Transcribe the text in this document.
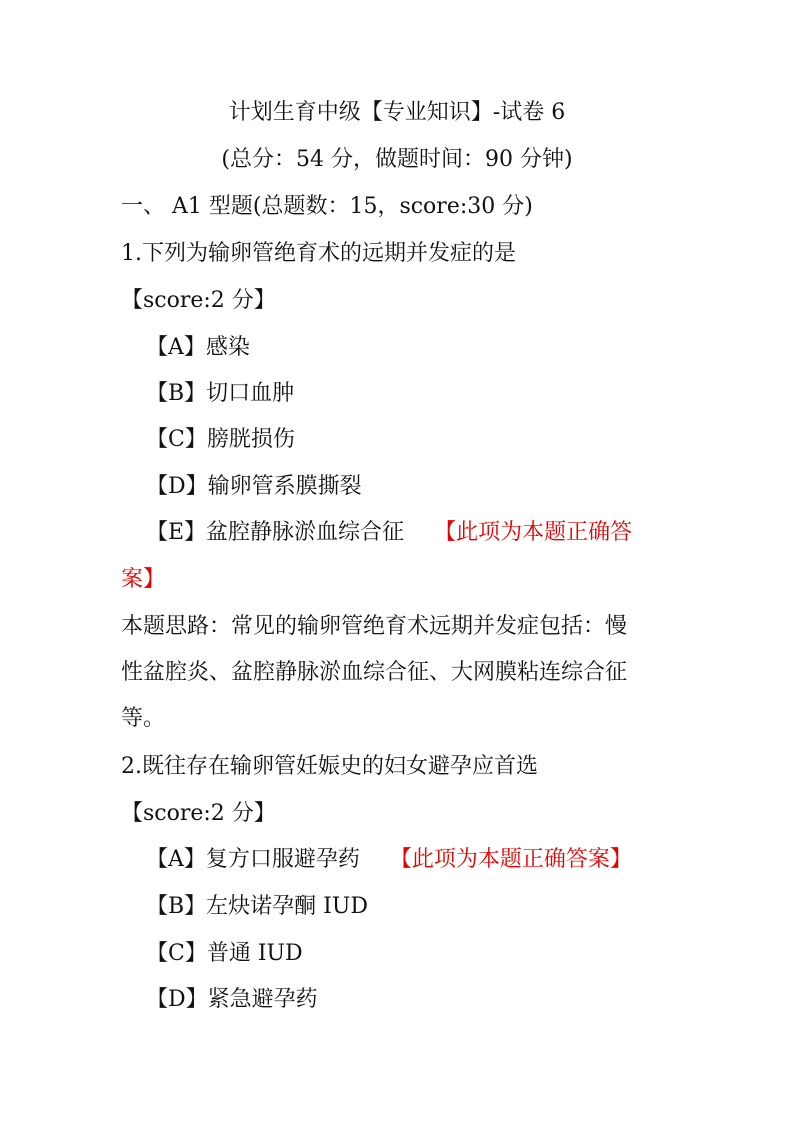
计划生育中级【专业知识】-试卷 6
(总分：54 分，做题时间：90 分钟)
一、 A1 型题(总题数：15，score:30 分)
1.下列为输卵管绝育术的远期并发症的是
【score:2 分】
【A】感染
【B】切口血肿
【C】膀胱损伤
【D】输卵管系膜撕裂
【E】盆腔静脉淤血综合征 【此项为本题正确答
案】
本题思路：常见的输卵管绝育术远期并发症包括：慢
性盆腔炎、盆腔静脉淤血综合征、大网膜粘连综合征
等。
2.既往存在输卵管妊娠史的妇女避孕应首选
【score:2 分】
【A】复方口服避孕药 【此项为本题正确答案】
【B】左炔诺孕酮 IUD
【C】普通 IUD
【D】紧急避孕药
